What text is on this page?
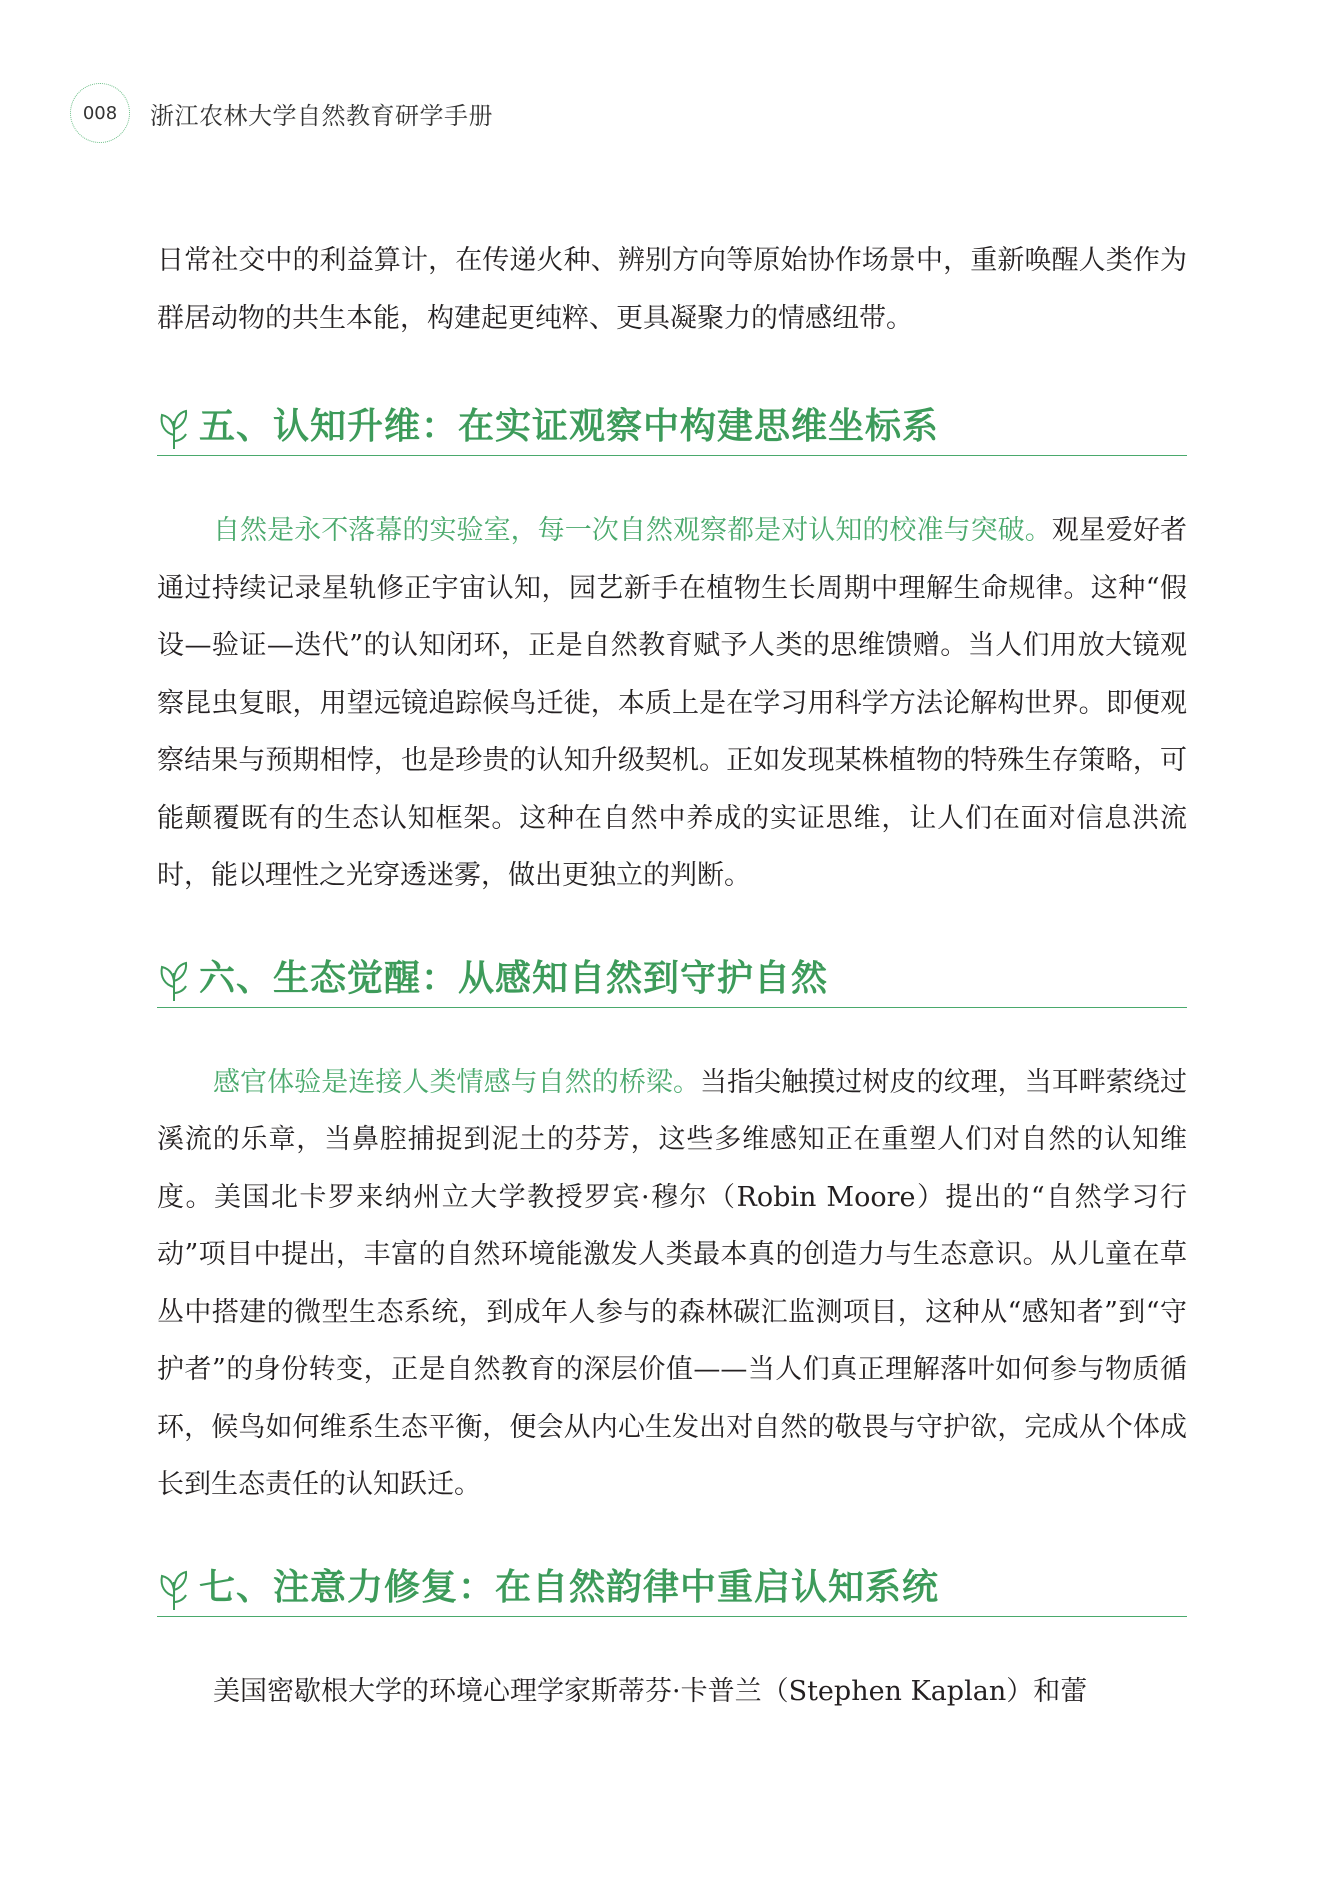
008	浙江农林大学自然教育研学手册

日常社交中的利益算计，在传递火种、辨别方向等原始协作场景中，重新唤醒人类作为群居动物的共生本能，构建起更纯粹、更具凝聚力的情感纽带。

五、认知升维：在实证观察中构建思维坐标系

自然是永不落幕的实验室，每一次自然观察都是对认知的校准与突破。观星爱好者通过持续记录星轨修正宇宙认知，园艺新手在植物生长周期中理解生命规律。这种“假设—验证—迭代”的认知闭环，正是自然教育赋予人类的思维馈赠。当人们用放大镜观察昆虫复眼，用望远镜追踪候鸟迁徙，本质上是在学习用科学方法论解构世界。即便观察结果与预期相悖，也是珍贵的认知升级契机。正如发现某株植物的特殊生存策略，可能颠覆既有的生态认知框架。这种在自然中养成的实证思维，让人们在面对信息洪流时，能以理性之光穿透迷雾，做出更独立的判断。

六、生态觉醒：从感知自然到守护自然

感官体验是连接人类情感与自然的桥梁。当指尖触摸过树皮的纹理，当耳畔萦绕过溪流的乐章，当鼻腔捕捉到泥土的芬芳，这些多维感知正在重塑人们对自然的认知维度。美国北卡罗来纳州立大学教授罗宾·穆尔（Robin Moore）提出的“自然学习行动”项目中提出，丰富的自然环境能激发人类最本真的创造力与生态意识。从儿童在草丛中搭建的微型生态系统，到成年人参与的森林碳汇监测项目，这种从“感知者”到“守护者”的身份转变，正是自然教育的深层价值——当人们真正理解落叶如何参与物质循环，候鸟如何维系生态平衡，便会从内心生发出对自然的敬畏与守护欲，完成从个体成长到生态责任的认知跃迁。

七、注意力修复：在自然韵律中重启认知系统

美国密歇根大学的环境心理学家斯蒂芬·卡普兰（Stephen Kaplan）和蕾
